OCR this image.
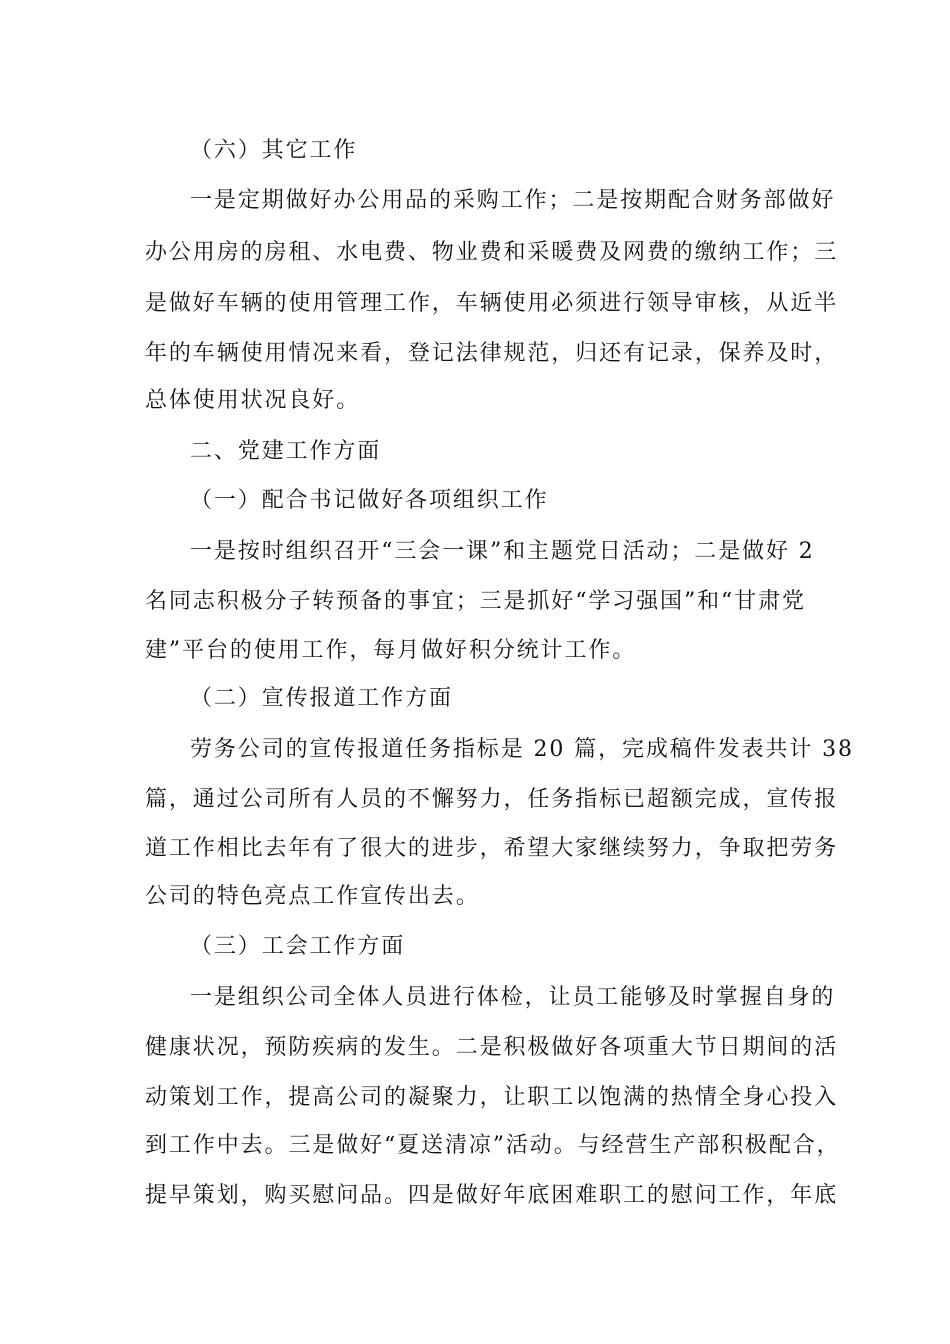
（六）其它工作
一是定期做好办公用品的采购工作；二是按期配合财务部做好
办公用房的房租、水电费、物业费和采暖费及网费的缴纳工作；三
是做好车辆的使用管理工作，车辆使用必须进行领导审核，从近半
年的车辆使用情况来看，登记法律规范，归还有记录，保养及时，
总体使用状况良好。
二、党建工作方面
（一）配合书记做好各项组织工作
一是按时组织召开“三会一课”和主题党日活动；二是做好 2
名同志积极分子转预备的事宜；三是抓好“学习强国”和“甘肃党
建”平台的使用工作，每月做好积分统计工作。
（二）宣传报道工作方面
劳务公司的宣传报道任务指标是 20 篇，完成稿件发表共计 38
篇，通过公司所有人员的不懈努力，任务指标已超额完成，宣传报
道工作相比去年有了很大的进步，希望大家继续努力，争取把劳务
公司的特色亮点工作宣传出去。
（三）工会工作方面
一是组织公司全体人员进行体检，让员工能够及时掌握自身的
健康状况，预防疾病的发生。二是积极做好各项重大节日期间的活
动策划工作，提高公司的凝聚力，让职工以饱满的热情全身心投入
到工作中去。三是做好“夏送清凉”活动。与经营生产部积极配合，
提早策划，购买慰问品。四是做好年底困难职工的慰问工作，年底
